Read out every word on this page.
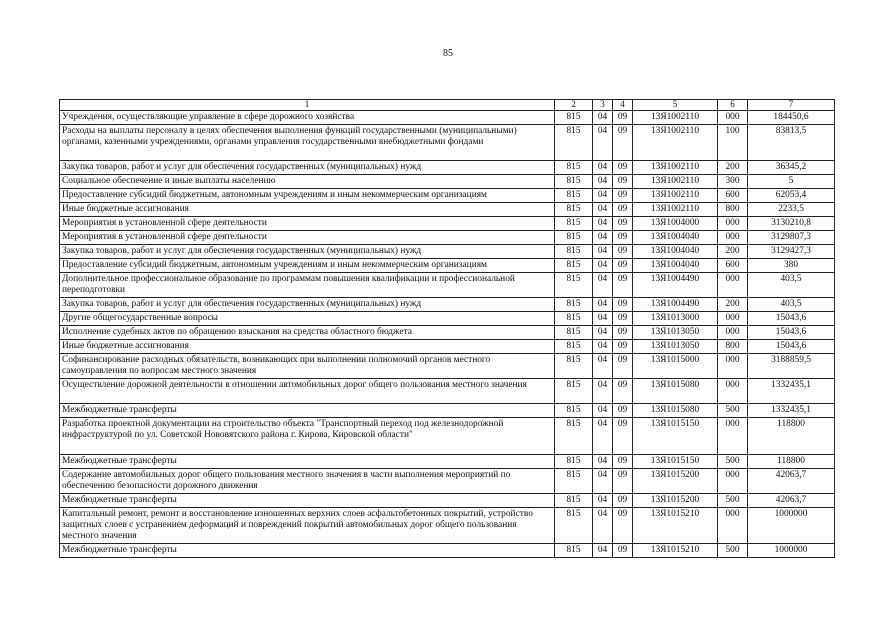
85
1	2	3	4	5	6	7
Учреждения, осуществляющие управление в сфере дорожного хозяйства	815	04	09	13Я1002110	000	184450,6
Расходы на выплаты персоналу в целях обеспечения выполнения функций государственными (муниципальными) органами, казенными учреждениями, органами управления государственными внебюджетными фондами	815	04	09	13Я1002110	100	83813,5
Закупка товаров, работ и услуг для обеспечения государственных (муниципальных) нужд	815	04	09	13Я1002110	200	36345,2
Социальное обеспечение и иные выплаты населению	815	04	09	13Я1002110	300	5
Предоставление субсидий бюджетным, автономным учреждениям и иным некоммерческим организациям	815	04	09	13Я1002110	600	62053,4
Иные бюджетные ассигнования	815	04	09	13Я1002110	800	2233,5
Мероприятия в установленной сфере деятельности	815	04	09	13Я1004000	000	3130210,8
Мероприятия в установленной сфере деятельности	815	04	09	13Я1004040	000	3129807,3
Закупка товаров, работ и услуг для обеспечения государственных (муниципальных) нужд	815	04	09	13Я1004040	200	3129427,3
Предоставление субсидий бюджетным, автономным учреждениям и иным некоммерческим организациям	815	04	09	13Я1004040	600	380
Дополнительное профессиональное образование по программам повышения квалификации и профессиональной переподготовки	815	04	09	13Я1004490	000	403,5
Закупка товаров, работ и услуг для обеспечения государственных (муниципальных) нужд	815	04	09	13Я1004490	200	403,5
Другие общегосударственные вопросы	815	04	09	13Я1013000	000	15043,6
Исполнение судебных актов по обращению взыскания на средства областного бюджета	815	04	09	13Я1013050	000	15043,6
Иные бюджетные ассигнования	815	04	09	13Я1013050	800	15043,6
Софинансирование расходных обязательств, возникающих при выполнении полномочий органов местного самоуправления по вопросам местного значения	815	04	09	13Я1015000	000	3188859,5
Осуществление дорожной деятельности в отношении автомобильных дорог общего пользования местного значения	815	04	09	13Я1015080	000	1332435,1
Межбюджетные трансферты	815	04	09	13Я1015080	500	1332435,1
Разработка проектной документации на строительство объекта "Транспортный переход под железнодорожной инфраструктурой по ул. Советской Нововятского района г. Кирова, Кировской области"	815	04	09	13Я1015150	000	118800
Межбюджетные трансферты	815	04	09	13Я1015150	500	118800
Содержание автомобильных дорог общего пользования местного значения в части выполнения мероприятий по обеспечению безопасности дорожного движения	815	04	09	13Я1015200	000	42063,7
Межбюджетные трансферты	815	04	09	13Я1015200	500	42063,7
Капитальный ремонт, ремонт и восстановление изношенных верхних слоев асфальтобетонных покрытий, устройство защитных слоев с устранением деформаций и повреждений покрытий автомобильных дорог общего пользования местного значения	815	04	09	13Я1015210	000	1000000
Межбюджетные трансферты	815	04	09	13Я1015210	500	1000000
